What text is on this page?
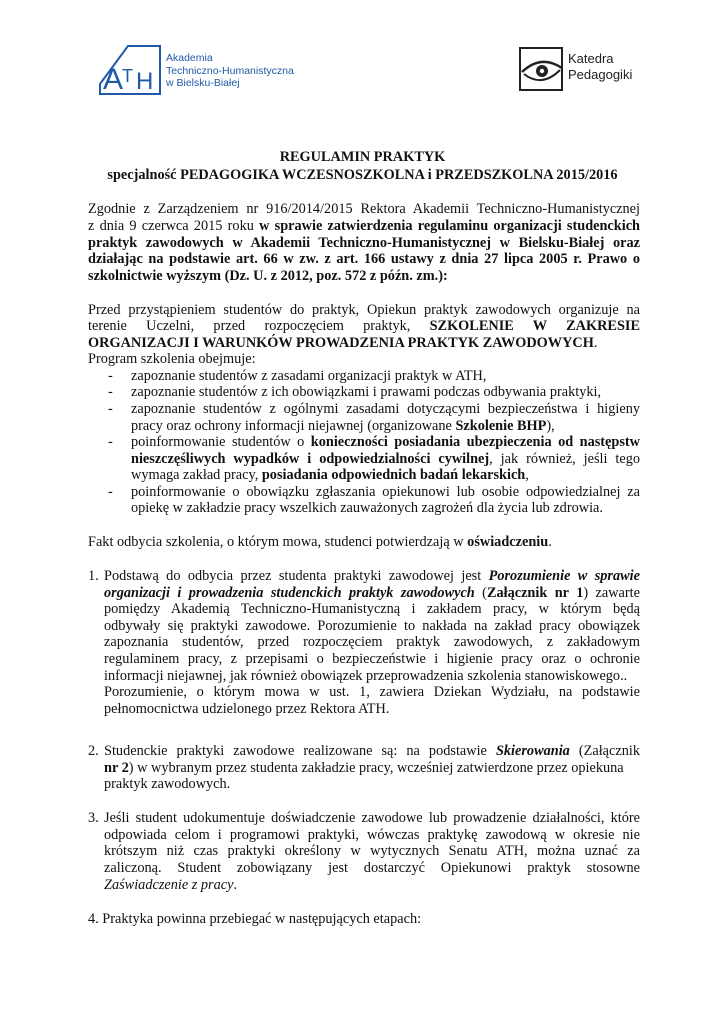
A
T H
Akademia
Techniczno-Humanistyczna
w Bielsku-Białej
Katedra
Pedagogiki
REGULAMIN PRAKTYK
specjalność PEDAGOGIKA WCZESNOSZKOLNA i PRZEDSZKOLNA 2015/2016
Zgodnie z Zarządzeniem nr 916/2014/2015 Rektora Akademii Techniczno-Humanistycznej
z dnia 9 czerwca 2015 roku w sprawie zatwierdzenia regulaminu organizacji studenckich
praktyk zawodowych w Akademii Techniczno-Humanistycznej w Bielsku-Białej oraz
działając na podstawie art. 66 w zw. z art. 166 ustawy z dnia 27 lipca 2005 r. Prawo o
szkolnictwie wyższym (Dz. U. z 2012, poz. 572 z późn. zm.):
Przed przystąpieniem studentów do praktyk, Opiekun praktyk zawodowych organizuje na
terenie Uczelni, przed rozpoczęciem praktyk, SZKOLENIE W ZAKRESIE
ORGANIZACJI I WARUNKÓW PROWADZENIA PRAKTYK ZAWODOWYCH.
Program szkolenia obejmuje:
- zapoznanie studentów z zasadami organizacji praktyk w ATH,
- zapoznanie studentów z ich obowiązkami i prawami podczas odbywania praktyki,
- zapoznanie studentów z ogólnymi zasadami dotyczącymi bezpieczeństwa i higieny
pracy oraz ochrony informacji niejawnej (organizowane Szkolenie BHP),
- poinformowanie studentów o konieczności posiadania ubezpieczenia od następstw
nieszczęśliwych wypadków i odpowiedzialności cywilnej, jak również, jeśli tego
wymaga zakład pracy, posiadania odpowiednich badań lekarskich,
- poinformowanie o obowiązku zgłaszania opiekunowi lub osobie odpowiedzialnej za
opiekę w zakładzie pracy wszelkich zauważonych zagrożeń dla życia lub zdrowia.
Fakt odbycia szkolenia, o którym mowa, studenci potwierdzają w oświadczeniu.
1. Podstawą do odbycia przez studenta praktyki zawodowej jest Porozumienie w sprawie
organizacji i prowadzenia studenckich praktyk zawodowych (Załącznik nr 1) zawarte
pomiędzy Akademią Techniczno-Humanistyczną i zakładem pracy, w którym będą
odbywały się praktyki zawodowe. Porozumienie to nakłada na zakład pracy obowiązek
zapoznania studentów, przed rozpoczęciem praktyk zawodowych, z zakładowym
regulaminem pracy, z przepisami o bezpieczeństwie i higienie pracy oraz o ochronie
informacji niejawnej, jak również obowiązek przeprowadzenia szkolenia stanowiskowego..
Porozumienie, o którym mowa w ust. 1, zawiera Dziekan Wydziału, na podstawie
pełnomocnictwa udzielonego przez Rektora ATH.
2. Studenckie praktyki zawodowe realizowane są: na podstawie Skierowania (Załącznik
nr 2) w wybranym przez studenta zakładzie pracy, wcześniej zatwierdzone przez opiekuna
praktyk zawodowych.
3. Jeśli student udokumentuje doświadczenie zawodowe lub prowadzenie działalności, które
odpowiada celom i programowi praktyki, wówczas praktykę zawodową w okresie nie
krótszym niż czas praktyki określony w wytycznych Senatu ATH, można uznać za
zaliczoną. Student zobowiązany jest dostarczyć Opiekunowi praktyk stosowne
Zaświadczenie z pracy.
4. Praktyka powinna przebiegać w następujących etapach:
